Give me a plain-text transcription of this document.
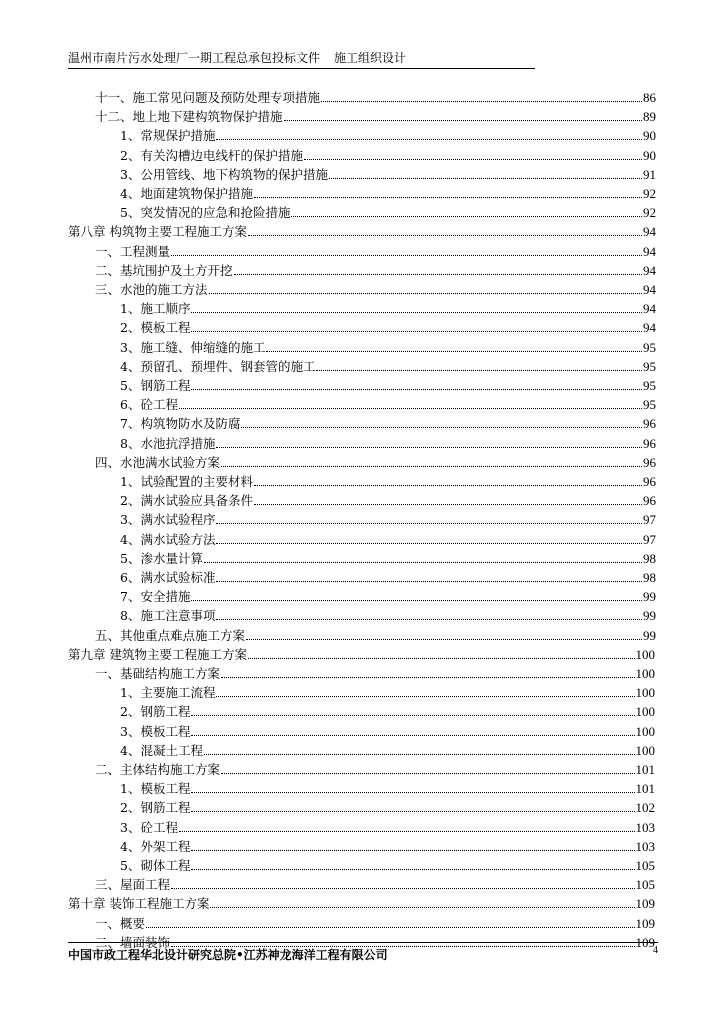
温州市南片污水处理厂一期工程总承包投标文件 施工组织设计
十一、施工常见问题及预防处理专项措施	86
十二、地上地下建构筑物保护措施	89
1、常规保护措施	90
2、有关沟槽边电线杆的保护措施	90
3、公用管线、地下构筑物的保护措施	91
4、地面建筑物保护措施	92
5、突发情况的应急和抢险措施	92
第八章 构筑物主要工程施工方案	94
一、工程测量	94
二、基坑围护及土方开挖	94
三、水池的施工方法	94
1、施工顺序	94
2、模板工程	94
3、施工缝、伸缩缝的施工	95
4、预留孔、预埋件、钢套管的施工	95
5、钢筋工程	95
6、砼工程	95
7、构筑物防水及防腐	96
8、水池抗浮措施	96
四、水池满水试验方案	96
1、试验配置的主要材料	96
2、满水试验应具备条件	96
3、满水试验程序	97
4、满水试验方法	97
5、渗水量计算	98
6、满水试验标准	98
7、安全措施	99
8、施工注意事项	99
五、其他重点难点施工方案	99
第九章 建筑物主要工程施工方案	100
一、基础结构施工方案	100
1、主要施工流程	100
2、钢筋工程	100
3、模板工程	100
4、混凝土工程	100
二、主体结构施工方案	101
1、模板工程	101
2、钢筋工程	102
3、砼工程	103
4、外架工程	103
5、砌体工程	105
三、屋面工程	105
第十章 装饰工程施工方案	109
一、概要	109
二、墙面装饰	109
中国市政工程华北设计研究总院•江苏神龙海洋工程有限公司	4
